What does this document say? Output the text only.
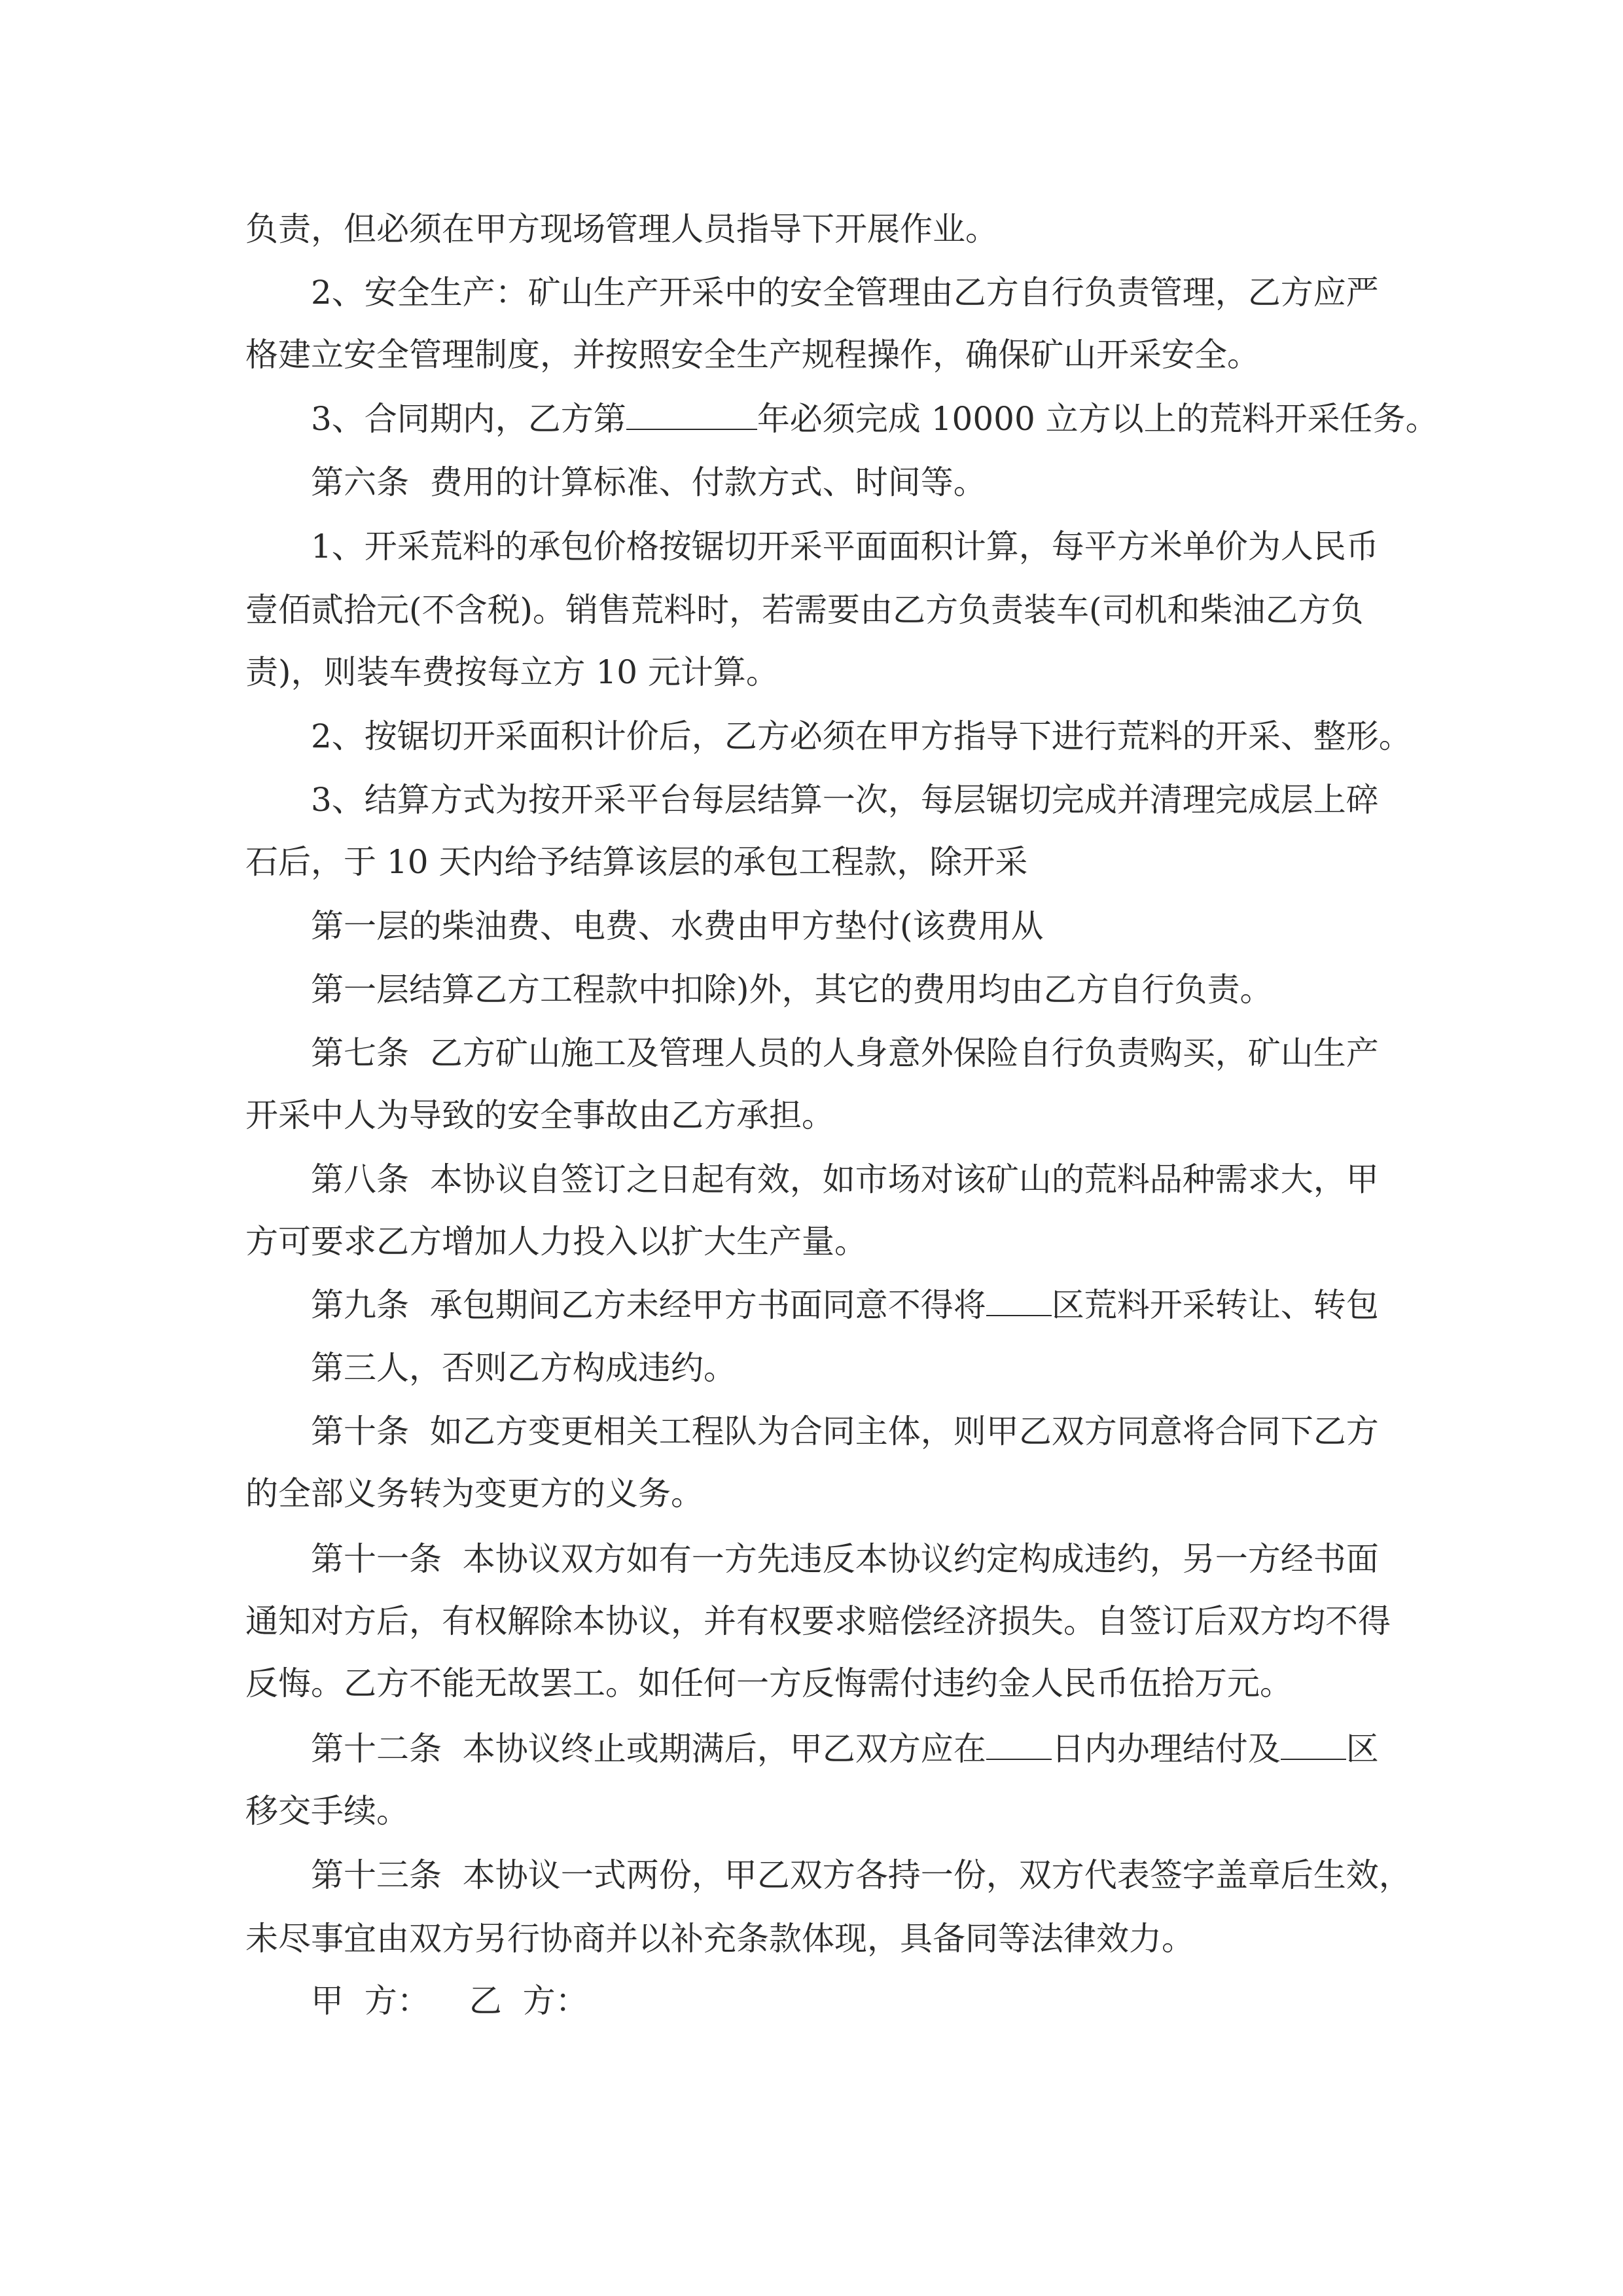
负责，但必须在甲方现场管理人员指导下开展作业。

2、安全生产：矿山生产开采中的安全管理由乙方自行负责管理，乙方应严

格建立安全管理制度，并按照安全生产规程操作，确保矿山开采安全。

3、合同期内，乙方第	年必须完成 10000 立方以上的荒料开采任务。

第六条  费用的计算标准、付款方式、时间等。

1、开采荒料的承包价格按锯切开采平面面积计算，每平方米单价为人民币

壹佰贰拾元(不含税)。销售荒料时，若需要由乙方负责装车(司机和柴油乙方负

责)，则装车费按每立方 10 元计算。

2、按锯切开采面积计价后，乙方必须在甲方指导下进行荒料的开采、整形。

3、结算方式为按开采平台每层结算一次，每层锯切完成并清理完成层上碎

石后，于 10 天内给予结算该层的承包工程款，除开采

第一层的柴油费、电费、水费由甲方垫付(该费用从

第一层结算乙方工程款中扣除)外，其它的费用均由乙方自行负责。

第七条  乙方矿山施工及管理人员的人身意外保险自行负责购买，矿山生产

开采中人为导致的安全事故由乙方承担。

第八条  本协议自签订之日起有效，如市场对该矿山的荒料品种需求大，甲

方可要求乙方增加人力投入以扩大生产量。

第九条  承包期间乙方未经甲方书面同意不得将 区荒料开采转让、转包

第三人，否则乙方构成违约。

第十条  如乙方变更相关工程队为合同主体，则甲乙双方同意将合同下乙方

的全部义务转为变更方的义务。

第十一条  本协议双方如有一方先违反本协议约定构成违约，另一方经书面

通知对方后，有权解除本协议，并有权要求赔偿经济损失。自签订后双方均不得

反悔。乙方不能无故罢工。如任何一方反悔需付违约金人民币伍拾万元。

第十二条  本协议终止或期满后，甲乙双方应在 日内办理结付及 区

移交手续。

第十三条  本协议一式两份，甲乙双方各持一份，双方代表签字盖章后生效，

未尽事宜由双方另行协商并以补充条款体现，具备同等法律效力。

甲  方： 乙  方：
